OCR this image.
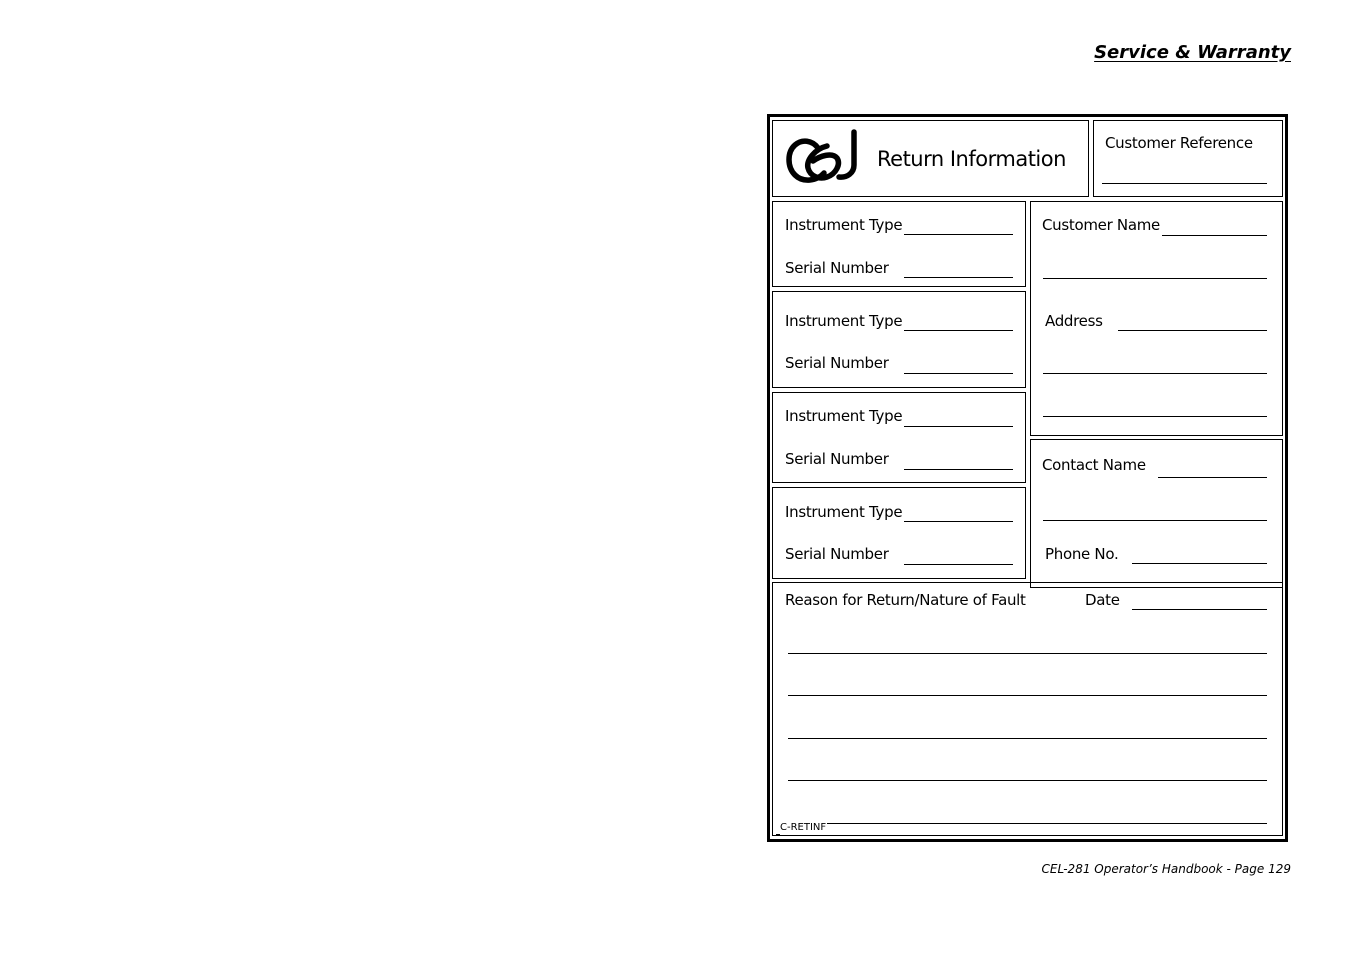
Service & Warranty
Return Information
Customer Reference
Instrument Type
Serial Number
Instrument Type
Serial Number
Instrument Type
Serial Number
Instrument Type
Serial Number
Customer Name
Address
Contact Name
Phone No.
Reason for Return/Nature of Fault	Date
C-RETINF
CEL-281 Operator’s Handbook - Page 129
